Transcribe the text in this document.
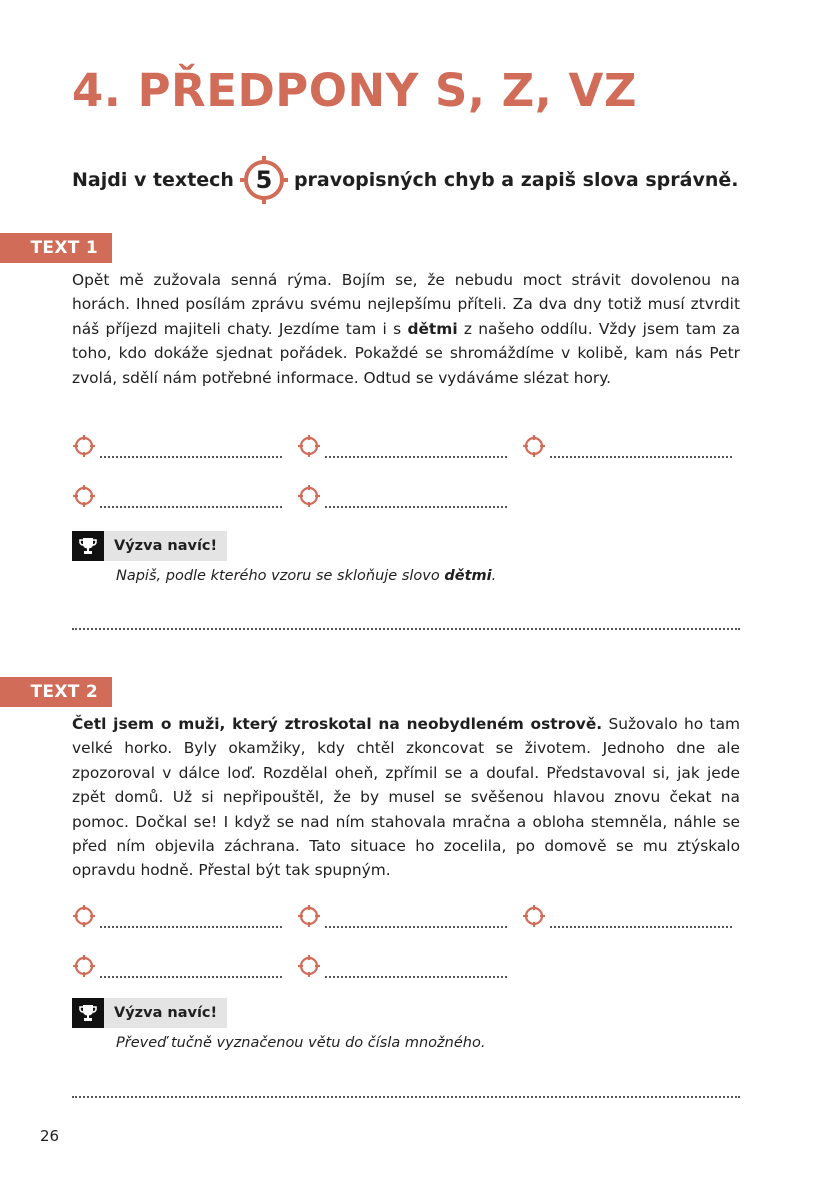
4. PŘEDPONY S, Z, VZ
Najdi v textech 5	pravopisných chyb a zapiš slova správně.
TEXT 1
Opět mě zužovala senná rýma. Bojím se, že nebudu moct strávit dovolenou na horách. Ihned posílám zprávu svému nejlepšímu příteli. Za dva dny totiž musí ztvrdit náš příjezd majiteli chaty. Jezdíme tam i s dětmi z našeho oddílu. Vždy jsem tam za toho, kdo dokáže sjednat pořádek. Pokaždé se shromáždíme v kolibě, kam nás Petr zvolá, sdělí nám potřebné informace. Odtud se vydáváme slézat hory.
Výzva navíc!
Napiš, podle kterého vzoru se skloňuje slovo dětmi.
TEXT 2
Četl jsem o muži, který ztroskotal na neobydleném ostrově. Sužovalo ho tam velké horko. Byly okamžiky, kdy chtěl zkoncovat se životem. Jednoho dne ale zpozoroval v dálce loď. Rozdělal oheň, zpřímil se a doufal. Představoval si, jak jede zpět domů. Už si nepřipouštěl, že by musel se svěšenou hlavou znovu čekat na pomoc. Dočkal se! I když se nad ním stahovala mračna a obloha stemněla, náhle se před ním objevila záchrana. Tato situace ho zocelila, po domově se mu ztýskalo opravdu hodně. Přestal být tak spupným.
Výzva navíc!
Převeď tučně vyznačenou větu do čísla množného.
26
